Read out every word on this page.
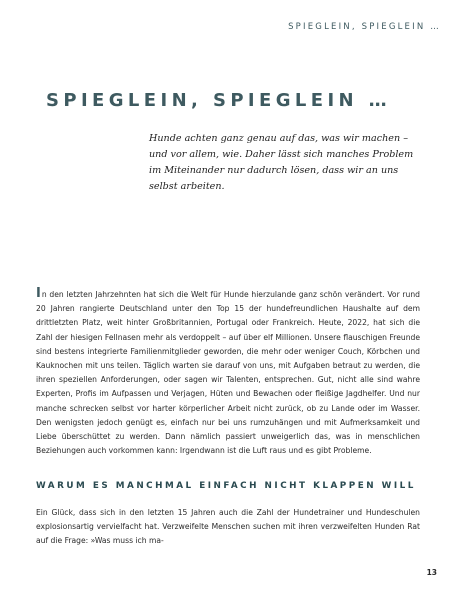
SPIEGLEIN, SPIEGLEIN …
SPIEGLEIN, SPIEGLEIN …

Hunde achten ganz genau auf das, was wir machen – und vor allem, wie. Daher lässt sich manches Problem im Miteinander nur dadurch lösen, dass wir an uns selbst arbeiten.

In den letzten Jahrzehnten hat sich die Welt für Hunde hierzulande ganz schön verändert. Vor rund 20 Jahren rangierte Deutschland unter den Top 15 der hundefreundlichen Haushalte auf dem drittletzten Platz, weit hinter Großbritannien, Portugal oder Frankreich. Heute, 2022, hat sich die Zahl der hiesigen Fellnasen mehr als verdoppelt – auf über elf Millionen. Unsere flauschigen Freunde sind bestens integrierte Familienmitglieder geworden, die mehr oder weniger Couch, Körbchen und Kauknochen mit uns teilen. Täglich warten sie darauf von uns, mit Aufgaben betraut zu werden, die ihren speziellen Anforderungen, oder sagen wir Talenten, entsprechen. Gut, nicht alle sind wahre Experten, Profis im Aufpassen und Verjagen, Hüten und Bewachen oder fleißige Jagdhelfer. Und nur manche schrecken selbst vor harter körperlicher Arbeit nicht zurück, ob zu Lande oder im Wasser. Den wenigsten jedoch genügt es, einfach nur bei uns rumzuhängen und mit Aufmerksamkeit und Liebe überschüttet zu werden. Dann nämlich passiert unweigerlich das, was in menschlichen Beziehungen auch vorkommen kann: Irgendwann ist die Luft raus und es gibt Probleme.

WARUM ES MANCHMAL EINFACH NICHT KLAPPEN WILL

Ein Glück, dass sich in den letzten 15 Jahren auch die Zahl der Hundetrainer und Hundeschulen explosionsartig vervielfacht hat. Verzweifelte Menschen suchen mit ihren verzweifelten Hunden Rat auf die Frage: »Was muss ich ma-

13
